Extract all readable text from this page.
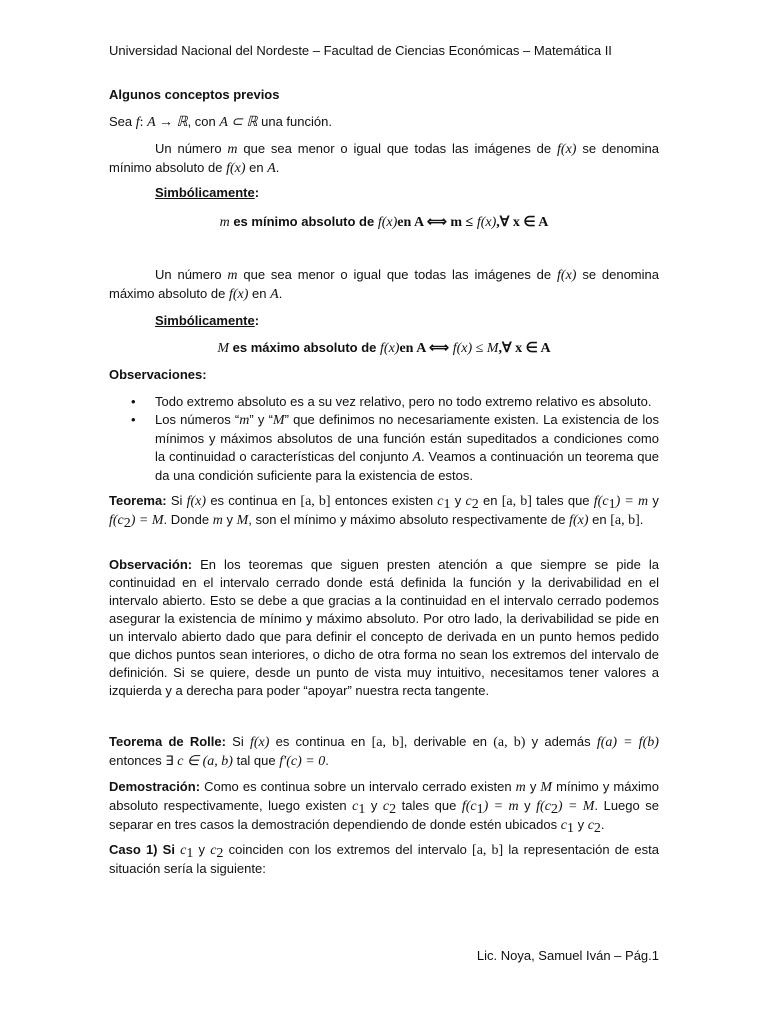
Universidad Nacional del Nordeste – Facultad de Ciencias Económicas – Matemática II
Algunos conceptos previos
Sea f: A → ℝ, con A ⊂ ℝ una función.
Un número m que sea menor o igual que todas las imágenes de f(x) se denomina mínimo absoluto de f(x) en A.
Simbólicamente:
m es mínimo absoluto de f(x)en A ⟺ m ≤ f(x),∀ x ∈ A
Un número m que sea menor o igual que todas las imágenes de f(x) se denomina máximo absoluto de f(x) en A.
Simbólicamente:
M es máximo absoluto de f(x)en A ⟺ f(x) ≤ M,∀ x ∈ A
Observaciones:
• Todo extremo absoluto es a su vez relativo, pero no todo extremo relativo es absoluto.
• Los números “m” y “M” que definimos no necesariamente existen. La existencia de los mínimos y máximos absolutos de una función están supeditados a condiciones como la continuidad o características del conjunto A. Veamos a continuación un teorema que da una condición suficiente para la existencia de estos.
Teorema: Si f(x) es continua en [a, b] entonces existen $c_1$ y $c_2$ en [a, b] tales que $f(c_1) = m$ y $f(c_2) = M$. Donde m y M, son el mínimo y máximo absoluto respectivamente de f(x) en [a, b].
Observación: En los teoremas que siguen presten atención a que siempre se pide la continuidad en el intervalo cerrado donde está definida la función y la derivabilidad en el intervalo abierto. Esto se debe a que gracias a la continuidad en el intervalo cerrado podemos asegurar la existencia de mínimo y máximo absoluto. Por otro lado, la derivabilidad se pide en un intervalo abierto dado que para definir el concepto de derivada en un punto hemos pedido que dichos puntos sean interiores, o dicho de otra forma no sean los extremos del intervalo de definición. Si se quiere, desde un punto de vista muy intuitivo, necesitamos tener valores a izquierda y a derecha para poder “apoyar” nuestra recta tangente.
Teorema de Rolle: Si f(x) es continua en [a, b], derivable en (a, b) y además f(a) = f(b) entonces ∃ c ∈ (a, b) tal que f′(c) = 0.
Demostración: Como es continua sobre un intervalo cerrado existen m y M mínimo y máximo absoluto respectivamente, luego existen $c_1$ y $c_2$ tales que $f(c_1) = m$ y $f(c_2) = M$. Luego se separar en tres casos la demostración dependiendo de donde estén ubicados $c_1$ y $c_2$.
Caso 1) Si $c_1$ y $c_2$ coinciden con los extremos del intervalo [a, b] la representación de esta situación sería la siguiente:
Lic. Noya, Samuel Iván – Pág.1
